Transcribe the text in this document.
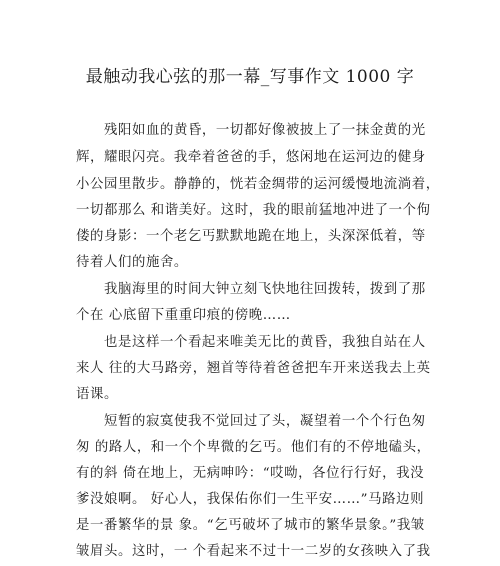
最触动我心弦的那一幕_写事作文 1000 字
残阳如血的黄昏，一切都好像被披上了一抹金黄的光
辉，耀眼闪亮。我牵着爸爸的手，悠闲地在运河边的健身
小公园里散步。静静的，恍若金绸带的运河缓慢地流淌着，
一切都那么 和谐美好。这时，我的眼前猛地冲进了一个佝
偻的身影：一个老乞丐默默地跪在地上，头深深低着，等
待着人们的施舍。
我脑海里的时间大钟立刻飞快地往回拨转，拨到了那
个在 心底留下重重印痕的傍晚……
也是这样一个看起来唯美无比的黄昏，我独自站在人
来人 往的大马路旁，翘首等待着爸爸把车开来送我去上英
语课。
短暂的寂寞使我不觉回过了头，凝望着一个个行色匆
匆 的路人，和一个个卑微的乞丐。他们有的不停地磕头，
有的斜 倚在地上，无病呻吟：“哎呦，各位行行好，我没
爹没娘啊。 好心人，我保佑你们一生平安……”马路边则
是一番繁华的景 象。“乞丐破坏了城市的繁华景象。”我皱
皱眉头。这时，一 个看起来不过十一二岁的女孩映入了我
